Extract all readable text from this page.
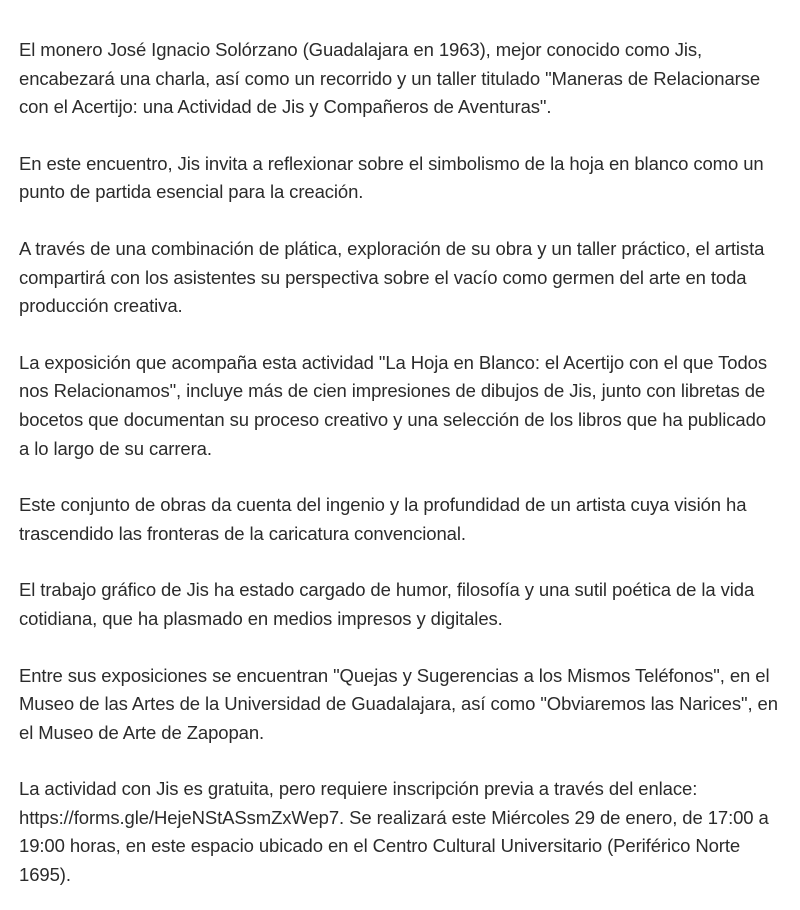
El monero José Ignacio Solórzano (Guadalajara en 1963), mejor conocido como Jis, encabezará una charla, así como un recorrido y un taller titulado "Maneras de Relacionarse con el Acertijo: una Actividad de Jis y Compañeros de Aventuras".

En este encuentro, Jis invita a reflexionar sobre el simbolismo de la hoja en blanco como un punto de partida esencial para la creación.

A través de una combinación de plática, exploración de su obra y un taller práctico, el artista compartirá con los asistentes su perspectiva sobre el vacío como germen del arte en toda producción creativa.

La exposición que acompaña esta actividad "La Hoja en Blanco: el Acertijo con el que Todos nos Relacionamos", incluye más de cien impresiones de dibujos de Jis, junto con libretas de bocetos que documentan su proceso creativo y una selección de los libros que ha publicado a lo largo de su carrera.

Este conjunto de obras da cuenta del ingenio y la profundidad de un artista cuya visión ha trascendido las fronteras de la caricatura convencional.

El trabajo gráfico de Jis ha estado cargado de humor, filosofía y una sutil poética de la vida cotidiana, que ha plasmado en medios impresos y digitales.

Entre sus exposiciones se encuentran "Quejas y Sugerencias a los Mismos Teléfonos", en el Museo de las Artes de la Universidad de Guadalajara, así como "Obviaremos las Narices", en el Museo de Arte de Zapopan.

La actividad con Jis es gratuita, pero requiere inscripción previa a través del enlace: https://forms.gle/HejeNStASsmZxWep7. Se realizará este Miércoles 29 de enero, de 17:00 a 19:00 horas, en este espacio ubicado en el Centro Cultural Universitario (Periférico Norte 1695).
